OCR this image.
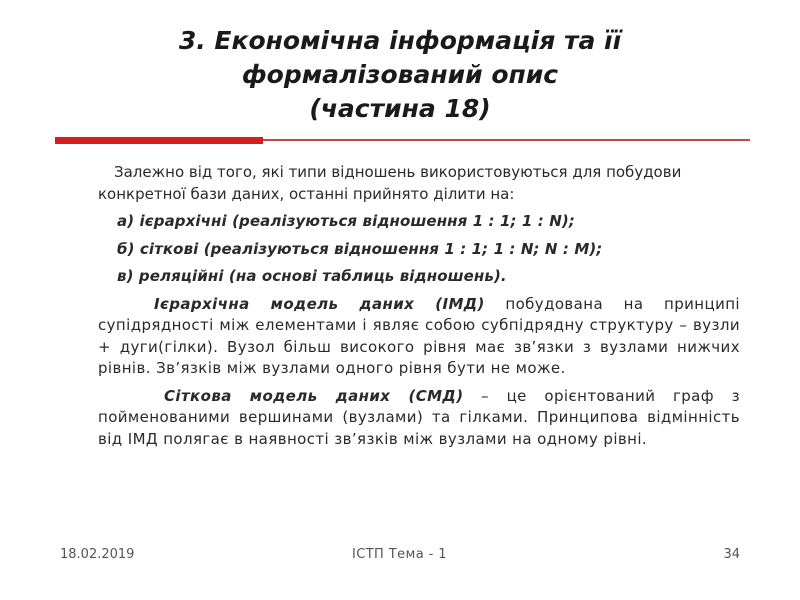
3. Економічна інформація та її
формалізований опис
(частина 18)

Залежно від того, які типи відношень використовуються для побудови конкретної бази даних, останні прийнято ділити на:

а) ієрархічні (реалізуються відношення 1 : 1; 1 : N);

б) сіткові (реалізуються відношення 1 : 1; 1 : N; N : M);

в) реляційні (на основі таблиць відношень).

Ієрархічна модель даних (ІМД) побудована на принципі супідрядності між елементами і являє собою субпідрядну структуру – вузли + дуги(гілки). Вузол більш високого рівня має зв’язки з вузлами нижчих рівнів. Зв’язків між вузлами одного рівня бути не може.

Сіткова модель даних (СМД) – це орієнтований граф з пойменованими вершинами (вузлами) та гілками. Принципова відмінність від ІМД полягає в наявності зв’язків між вузлами на одному рівні.

18.02.2019	ІСТП Тема - 1	34
